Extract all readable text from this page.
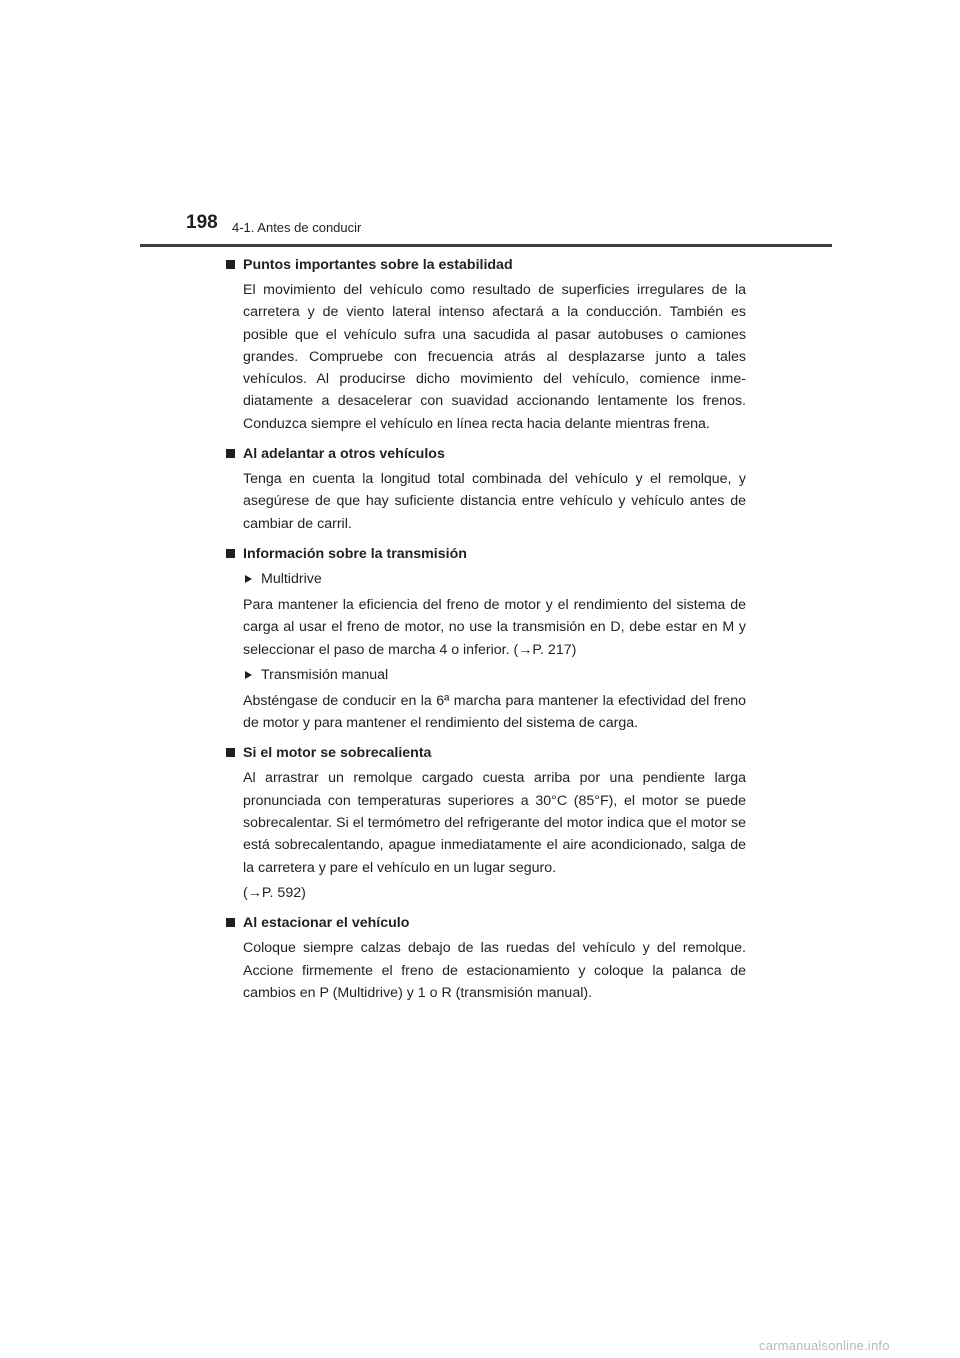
198 4-1. Antes de conducir
Puntos importantes sobre la estabilidad

El movimiento del vehículo como resultado de superficies irregulares de la carretera y de viento lateral intenso afectará a la conducción. También es posible que el vehículo sufra una sacudida al pasar autobuses o camiones grandes. Compruebe con frecuencia atrás al desplazarse junto a tales vehículos. Al producirse dicho movimiento del vehículo, comience inme-diatamente a desacelerar con suavidad accionando lentamente los frenos. Conduzca siempre el vehículo en línea recta hacia delante mientras frena.

Al adelantar a otros vehículos

Tenga en cuenta la longitud total combinada del vehículo y el remolque, y asegúrese de que hay suficiente distancia entre vehículo y vehículo antes de cambiar de carril.

Información sobre la transmisión
Multidrive

Para mantener la eficiencia del freno de motor y el rendimiento del sistema de carga al usar el freno de motor, no use la transmisión en D, debe estar en M y seleccionar el paso de marcha 4 o inferior. (→P. 217)

Transmisión manual

Absténgase de conducir en la 6ª marcha para mantener la efectividad del freno de motor y para mantener el rendimiento del sistema de carga.

Si el motor se sobrecalienta

Al arrastrar un remolque cargado cuesta arriba por una pendiente larga pronunciada con temperaturas superiores a 30°C (85°F), el motor se puede sobrecalentar. Si el termómetro del refrigerante del motor indica que el motor se está sobrecalentando, apague inmediatamente el aire acondicionado, salga de la carretera y pare el vehículo en un lugar seguro.

(→P. 592)

Al estacionar el vehículo

Coloque siempre calzas debajo de las ruedas del vehículo y del remolque. Accione firmemente el freno de estacionamiento y coloque la palanca de cambios en P (Multidrive) y 1 o R (transmisión manual).

carmanualsonline.info
